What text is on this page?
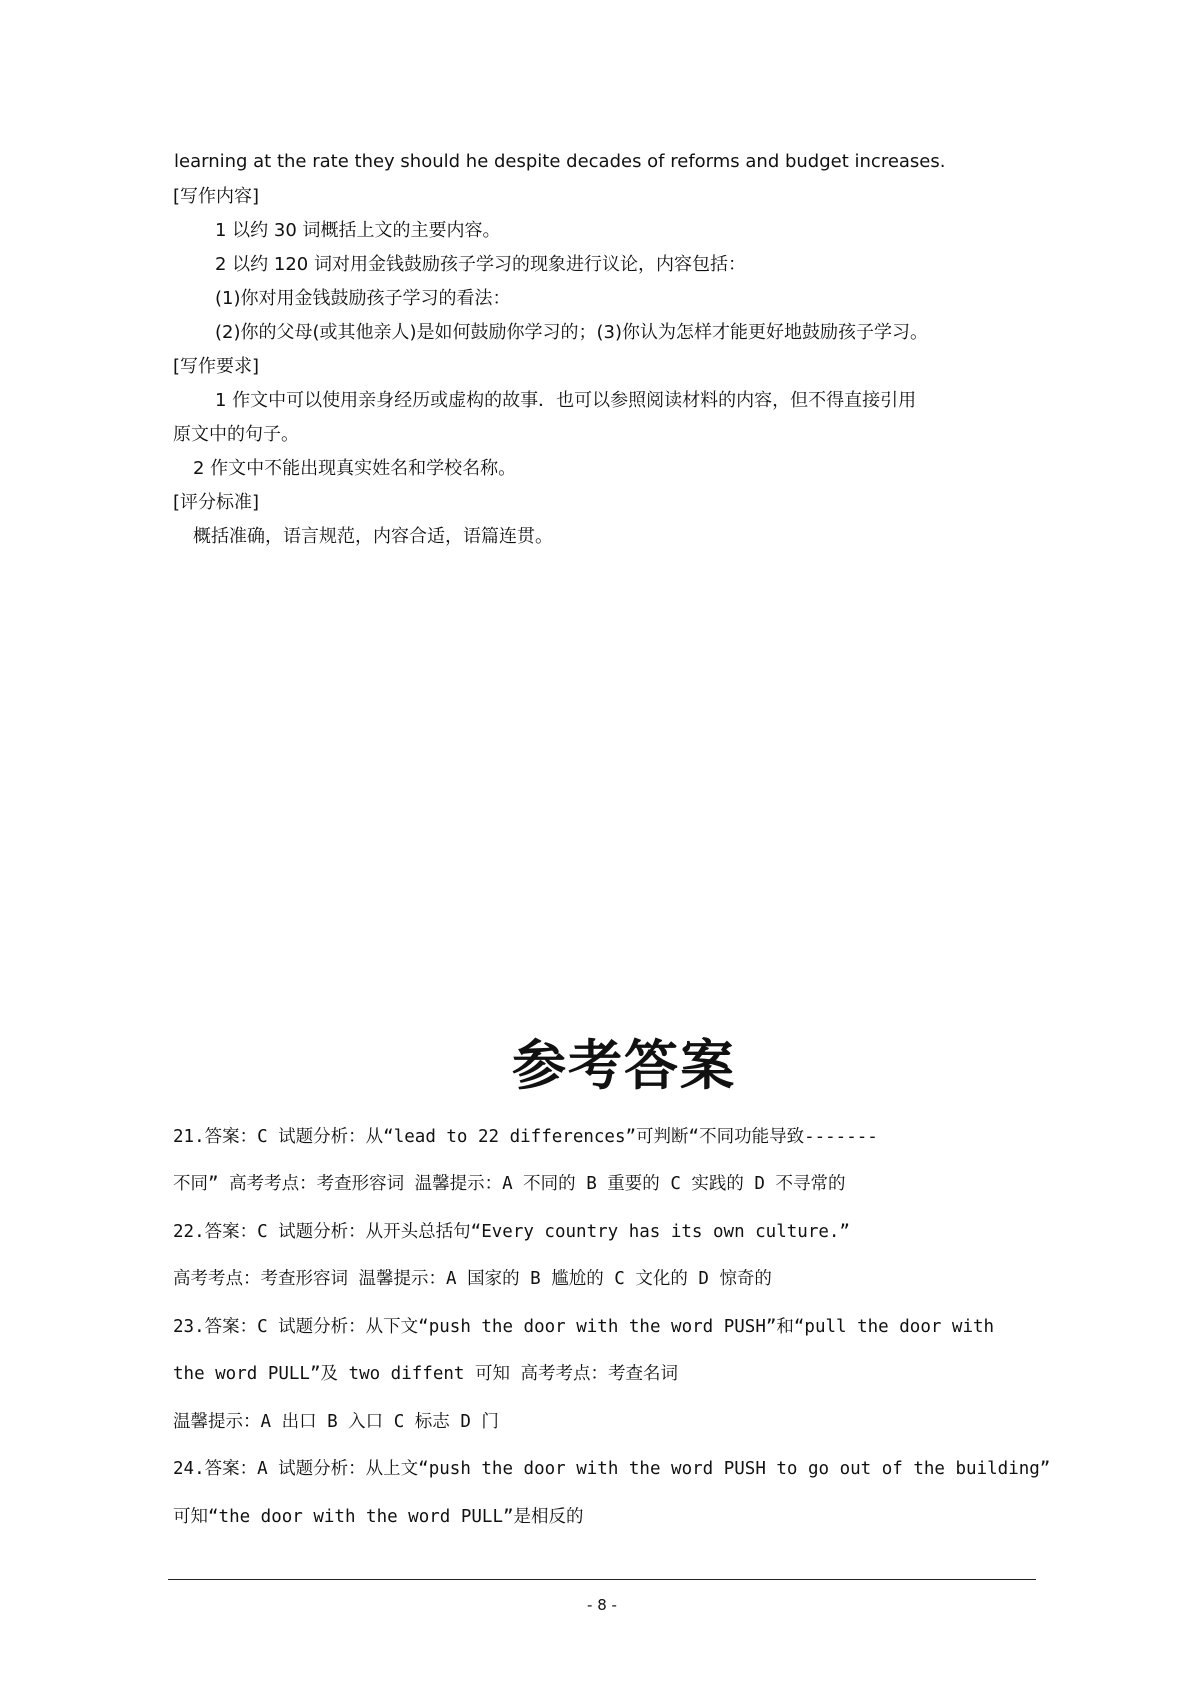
learning at the rate they should he despite decades of reforms and budget increases.
[写作内容]
1 以约 30 词概括上文的主要内容。
2 以约 120 词对用金钱鼓励孩子学习的现象进行议论，内容包括：
(1)你对用金钱鼓励孩子学习的看法：
(2)你的父母(或其他亲人)是如何鼓励你学习的；(3)你认为怎样才能更好地鼓励孩子学习。
[写作要求]
1 作文中可以使用亲身经历或虚构的故事．也可以参照阅读材料的内容，但不得直接引用
原文中的句子。
2 作文中不能出现真实姓名和学校名称。
[评分标准]
概括准确，语言规范，内容合适，语篇连贯。
参考答案
21.答案：C 试题分析：从“lead to 22 differences”可判断“不同功能导致-------
不同” 高考考点：考查形容词 温馨提示：A 不同的 B 重要的 C 实践的 D 不寻常的
22.答案：C 试题分析：从开头总括句“Every country has its own culture.”
高考考点：考查形容词 温馨提示：A 国家的 B 尴尬的 C 文化的 D 惊奇的
23.答案：C 试题分析：从下文“push the door with the word PUSH”和“pull the door with
the word PULL”及 two diffent 可知 高考考点：考查名词
温馨提示：A 出口 B 入口 C 标志 D 门
24.答案：A 试题分析：从上文“push the door with the word PUSH to go out of the building”
可知“the door with the word PULL”是相反的
- 8 -
